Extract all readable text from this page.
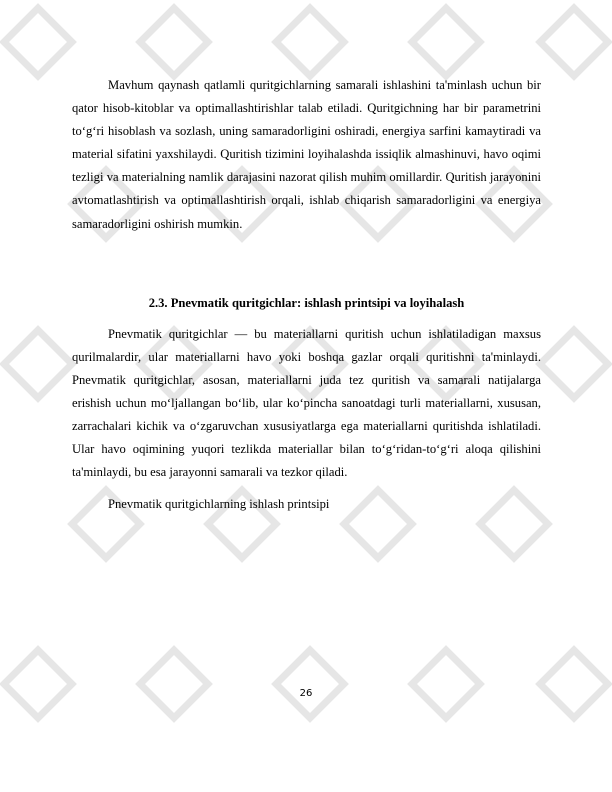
Mavhum qaynash qatlamli quritgichlarning samarali ishlashini ta'minlash uchun bir qator hisob-kitoblar va optimallashtirishlar talab etiladi. Quritgichning har bir parametrini to‘g‘ri hisoblash va sozlash, uning samaradorligini oshiradi, energiya sarfini kamaytiradi va material sifatini yaxshilaydi. Quritish tizimini loyihalashda issiqlik almashinuvi, havo oqimi tezligi va materialning namlik darajasini nazorat qilish muhim omillardir. Quritish jarayonini avtomatlashtirish va optimallashtirish orqali, ishlab chiqarish samaradorligini va energiya samaradorligini oshirish mumkin.

2.3. Pnevmatik quritgichlar: ishlash printsipi va loyihalash

Pnevmatik quritgichlar — bu materiallarni quritish uchun ishlatiladigan maxsus qurilmalardir, ular materiallarni havo yoki boshqa gazlar orqali quritishni ta'minlaydi. Pnevmatik quritgichlar, asosan, materiallarni juda tez quritish va samarali natijalarga erishish uchun mo‘ljallangan bo‘lib, ular ko‘pincha sanoatdagi turli materiallarni, xususan, zarrachalari kichik va o‘zgaruvchan xususiyatlarga ega materiallarni quritishda ishlatiladi. Ular havo oqimining yuqori tezlikda materiallar bilan to‘g‘ridan-to‘g‘ri aloqa qilishini ta'minlaydi, bu esa jarayonni samarali va tezkor qiladi.

Pnevmatik quritgichlarning ishlash printsipi

26
